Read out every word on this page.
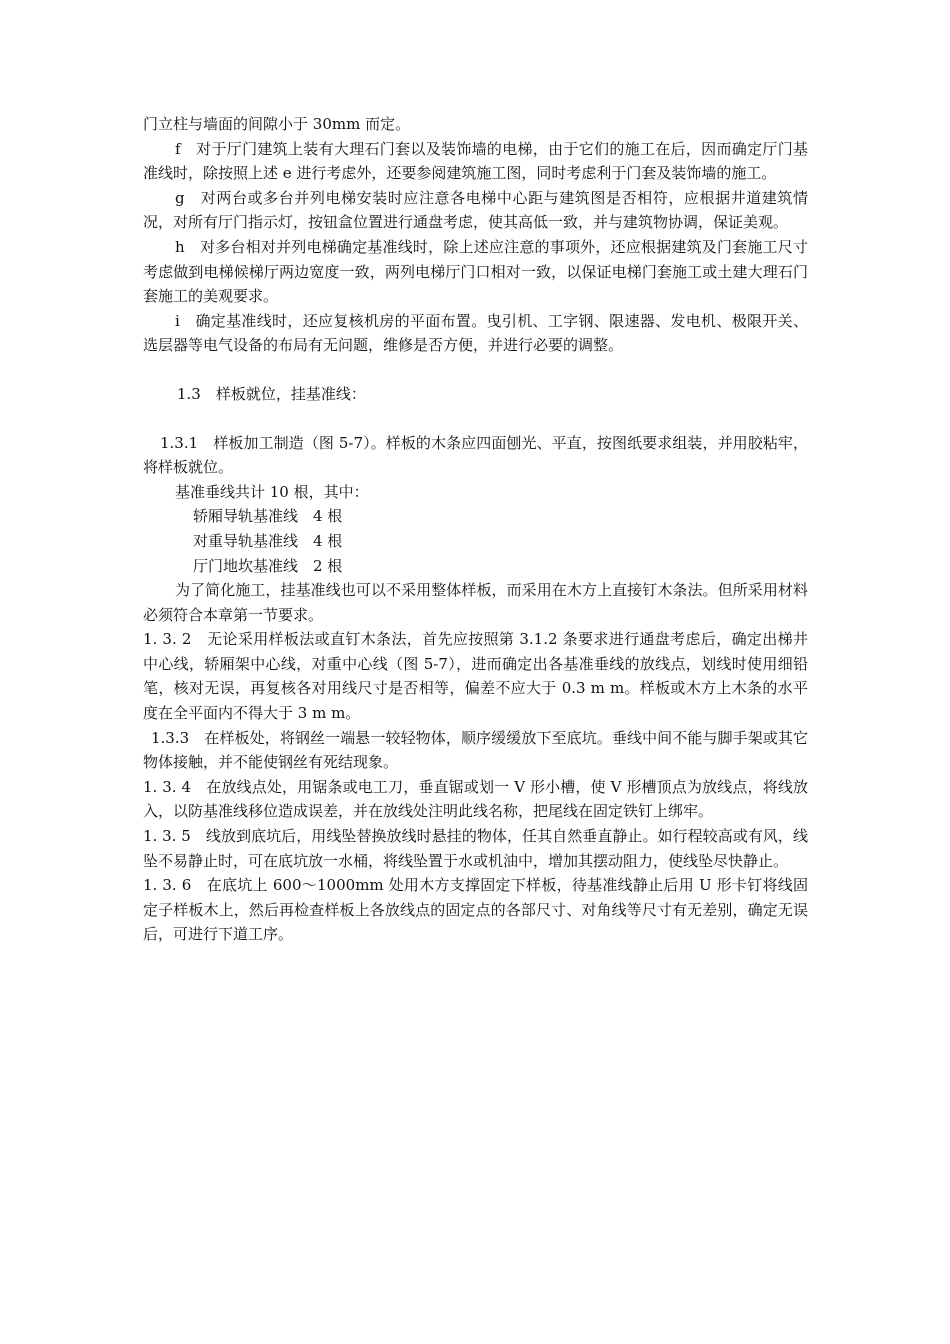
门立柱与墙面的间隙小于 30mm 而定。

f　对于厅门建筑上装有大理石门套以及装饰墙的电梯，由于它们的施工在后，因而确定厅门基准线时，除按照上述 e 进行考虑外，还要参阅建筑施工图，同时考虑利于门套及装饰墙的施工。

g　对两台或多台并列电梯安装时应注意各电梯中心距与建筑图是否相符，应根据井道建筑情况，对所有厅门指示灯，按钮盒位置进行通盘考虑，使其高低一致，并与建筑物协调，保证美观。

h　对多台相对并列电梯确定基准线时，除上述应注意的事项外，还应根据建筑及门套施工尺寸考虑做到电梯候梯厅两边宽度一致，两列电梯厅门口相对一致，以保证电梯门套施工或土建大理石门套施工的美观要求。

i　确定基准线时，还应复核机房的平面布置。曳引机、工字钢、限速器、发电机、极限开关、选层器等电气设备的布局有无问题，维修是否方便，并进行必要的调整。

1.3　样板就位，挂基准线：

1.3.1　样板加工制造（图 5-7）。样板的木条应四面刨光、平直，按图纸要求组装，并用胶粘牢，将样板就位。

基准垂线共计 10 根，其中：

轿厢导轨基准线　4 根

对重导轨基准线　4 根

厅门地坎基准线　2 根

为了简化施工，挂基准线也可以不采用整体样板，而采用在木方上直接钉木条法。但所采用材料必须符合本章第一节要求。

1. 3. 2　无论采用样板法或直钉木条法，首先应按照第 3.1.2 条要求进行通盘考虑后，确定出梯井中心线，轿厢架中心线，对重中心线（图 5-7），进而确定出各基准垂线的放线点，划线时使用细铅笔，核对无误，再复核各对用线尺寸是否相等，偏差不应大于 0.3 m m。样板或木方上木条的水平度在全平面内不得大于 3 m m。

1.3.3　在样板处，将钢丝一端悬一较轻物体，顺序缓缓放下至底坑。垂线中间不能与脚手架或其它物体接触，并不能使钢丝有死结现象。

1. 3. 4　在放线点处，用锯条或电工刀，垂直锯或划一 V 形小槽，使 V 形槽顶点为放线点，将线放入，以防基准线移位造成误差，并在放线处注明此线名称，把尾线在固定铁钉上绑牢。

1. 3. 5　线放到底坑后，用线坠替换放线时悬挂的物体，任其自然垂直静止。如行程较高或有风，线坠不易静止时，可在底坑放一水桶，将线坠置于水或机油中，增加其摆动阻力，使线坠尽快静止。

1. 3. 6　在底坑上 600～1000mm 处用木方支撑固定下样板，待基准线静止后用 U 形卡钉将线固定子样板木上，然后再检查样板上各放线点的固定点的各部尺寸、对角线等尺寸有无差别，确定无误后，可进行下道工序。
